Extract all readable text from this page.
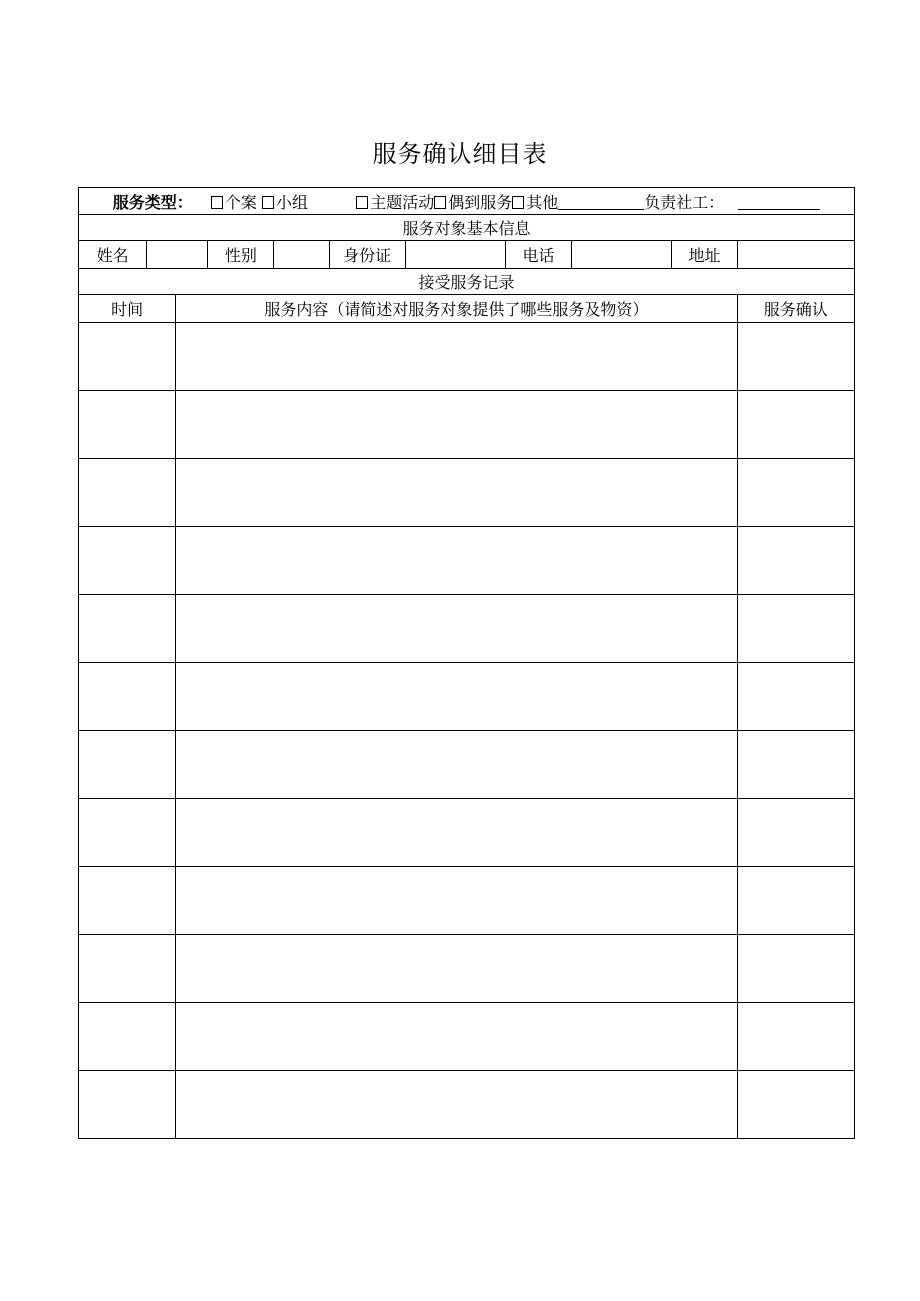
服务确认细目表
服务类型： 个案 小组 主题活动 偶到服务 其他 负责社工：										
服务对象基本信息										
姓名			性别		身份证		电话		地址	
接受服务记录										
时间		服务内容（请简述对服务对象提供了哪些服务及物资）								服务确认
